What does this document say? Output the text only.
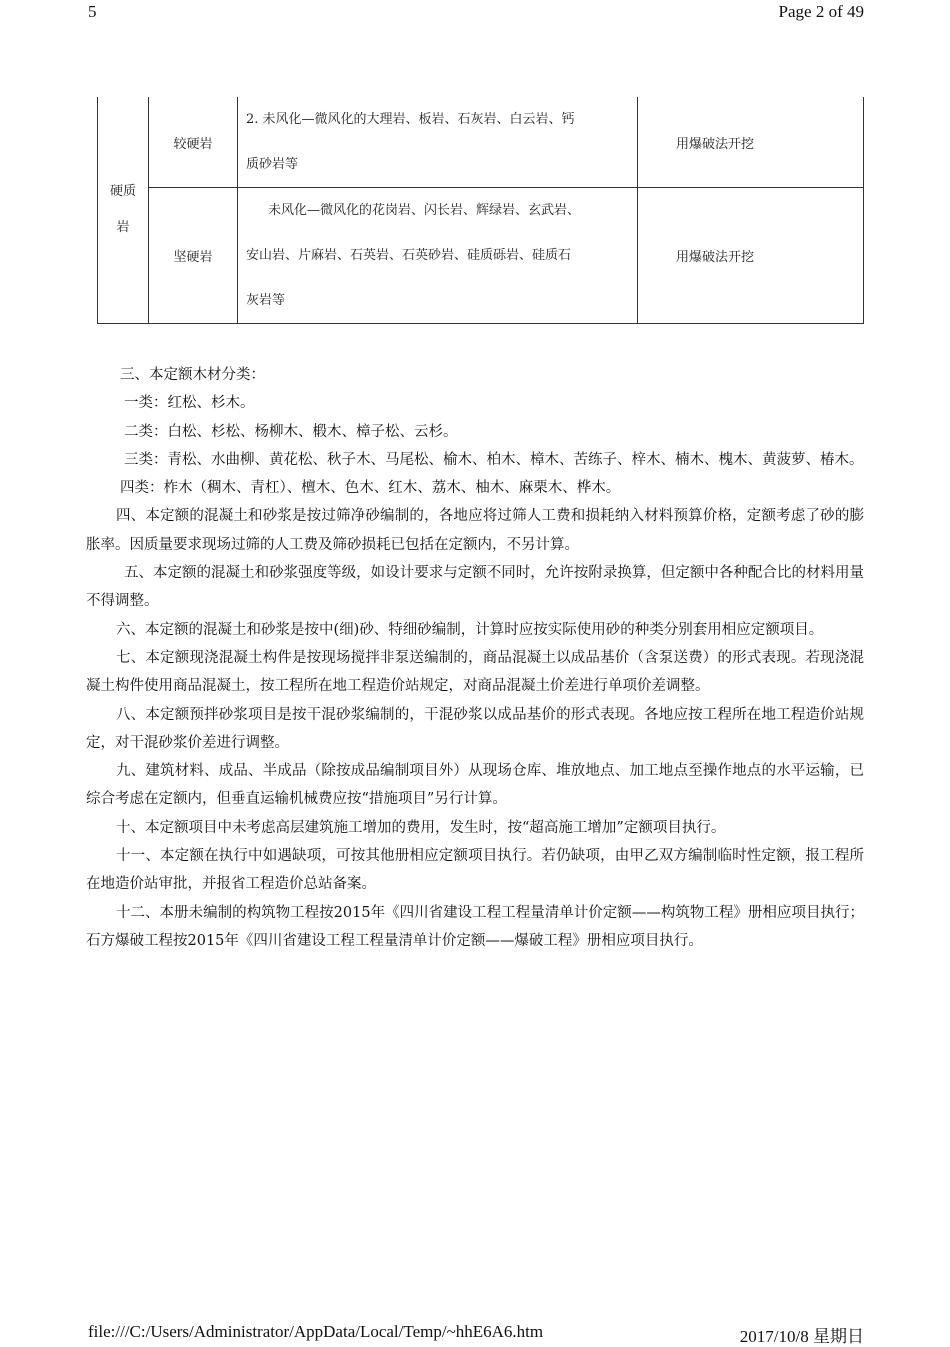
5	Page 2 of 49
硬质岩	较硬岩	2. 未风化—微风化的大理岩、板岩、石灰岩、白云岩、钙
质砂岩等	用爆破法开挖
	坚硬岩	未风化—微风化的花岗岩、闪长岩、辉绿岩、玄武岩、
安山岩、片麻岩、石英岩、石英砂岩、硅质砾岩、硅质石
灰岩等	用爆破法开挖

三、本定额木材分类：

一类：红松、杉木。

二类：白松、杉松、杨柳木、椴木、樟子松、云杉。

三类：青松、水曲柳、黄花松、秋子木、马尾松、榆木、柏木、樟木、苦练子、梓木、楠木、槐木、黄菠萝、椿木。

四类：柞木（稠木、青杠）、檀木、色木、红木、荔木、柚木、麻栗木、桦木。

四、本定额的混凝土和砂浆是按过筛净砂编制的，各地应将过筛人工费和损耗纳入材料预算价格，定额考虑了砂的膨胀率。因质量要求现场过筛的人工费及筛砂损耗已包括在定额内，不另计算。

五、本定额的混凝土和砂浆强度等级，如设计要求与定额不同时，允许按附录换算，但定额中各种配合比的材料用量不得调整。

六、本定额的混凝土和砂浆是按中(细)砂、特细砂编制，计算时应按实际使用砂的种类分别套用相应定额项目。

七、本定额现浇混凝土构件是按现场搅拌非泵送编制的，商品混凝土以成品基价（含泵送费）的形式表现。若现浇混凝土构件使用商品混凝土，按工程所在地工程造价站规定，对商品混凝土价差进行单项价差调整。

八、本定额预拌砂浆项目是按干混砂浆编制的，干混砂浆以成品基价的形式表现。各地应按工程所在地工程造价站规定，对干混砂浆价差进行调整。

九、建筑材料、成品、半成品（除按成品编制项目外）从现场仓库、堆放地点、加工地点至操作地点的水平运输，已综合考虑在定额内，但垂直运输机械费应按“措施项目”另行计算。

十、本定额项目中未考虑高层建筑施工增加的费用，发生时，按“超高施工增加”定额项目执行。

十一、本定额在执行中如遇缺项，可按其他册相应定额项目执行。若仍缺项，由甲乙双方编制临时性定额，报工程所在地造价站审批，并报省工程造价总站备案。

十二、本册未编制的构筑物工程按2015年《四川省建设工程工程量清单计价定额——构筑物工程》册相应项目执行；石方爆破工程按2015年《四川省建设工程工程量清单计价定额——爆破工程》册相应项目执行。

file:///C:/Users/Administrator/AppData/Local/Temp/~hhE6A6.htm	2017/10/8 星期日
